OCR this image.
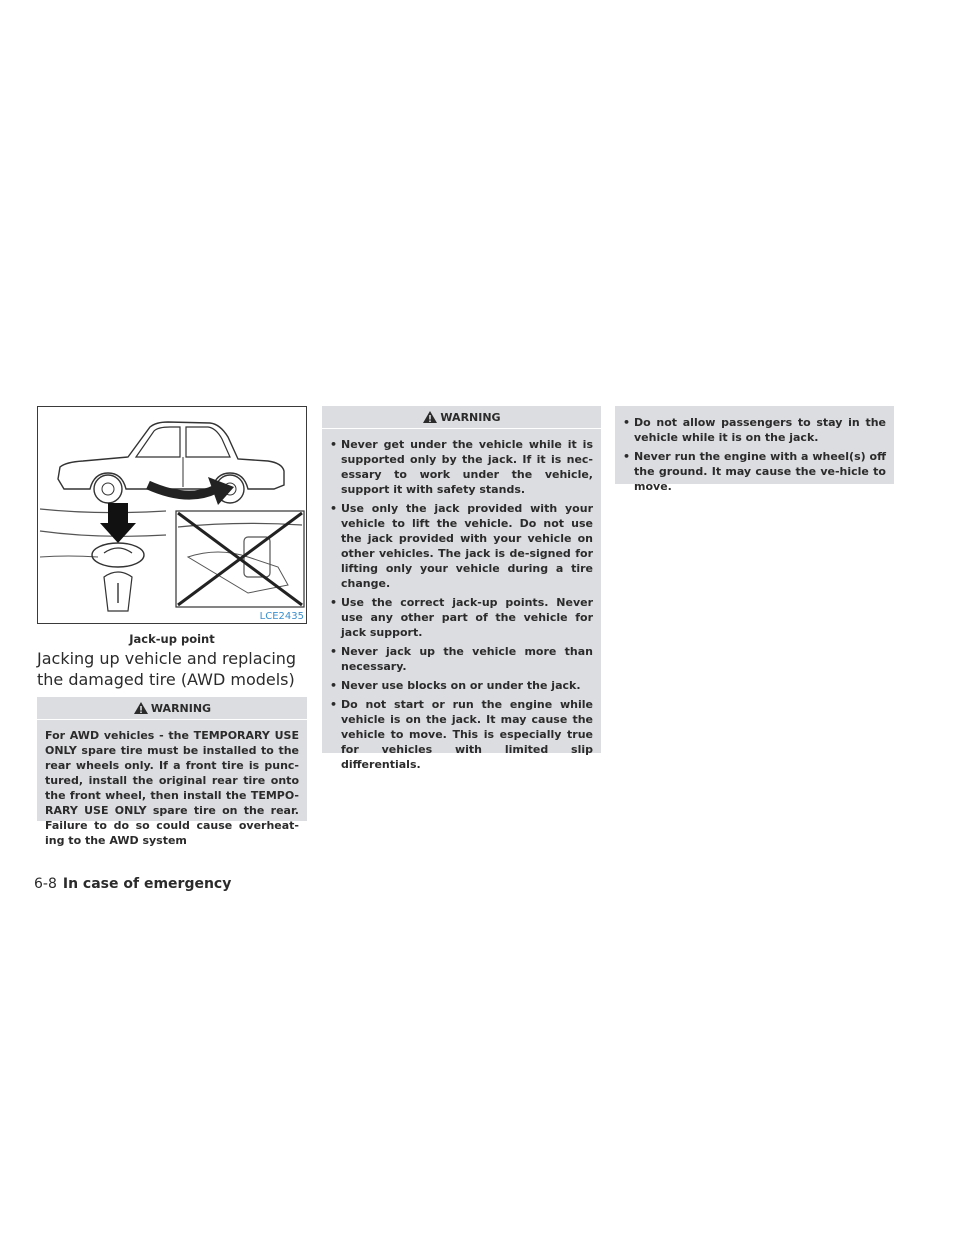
LCE2435
Jack-up point
Jacking up vehicle and replacing the damaged tire (AWD models)
WARNING
For AWD vehicles - the TEMPORARY USE ONLY spare tire must be installed to the rear wheels only. If a front tire is punc-tured, install the original rear tire onto the front wheel, then install the TEMPO-RARY USE ONLY spare tire on the rear. Failure to do so could cause overheat-ing to the AWD system
WARNING
• Never get under the vehicle while it is supported only by the jack. If it is nec-essary to work under the vehicle, support it with safety stands.
• Use only the jack provided with your vehicle to lift the vehicle. Do not use the jack provided with your vehicle on other vehicles. The jack is de-signed for lifting only your vehicle during a tire change.
• Use the correct jack-up points. Never use any other part of the vehicle for jack support.
• Never jack up the vehicle more than necessary.
• Never use blocks on or under the jack.
• Do not start or run the engine while vehicle is on the jack. It may cause the vehicle to move. This is especially true for vehicles with limited slip differentials.
• Do not allow passengers to stay in the vehicle while it is on the jack.
• Never run the engine with a wheel(s) off the ground. It may cause the ve-hicle to move.
6-8 In case of emergency
